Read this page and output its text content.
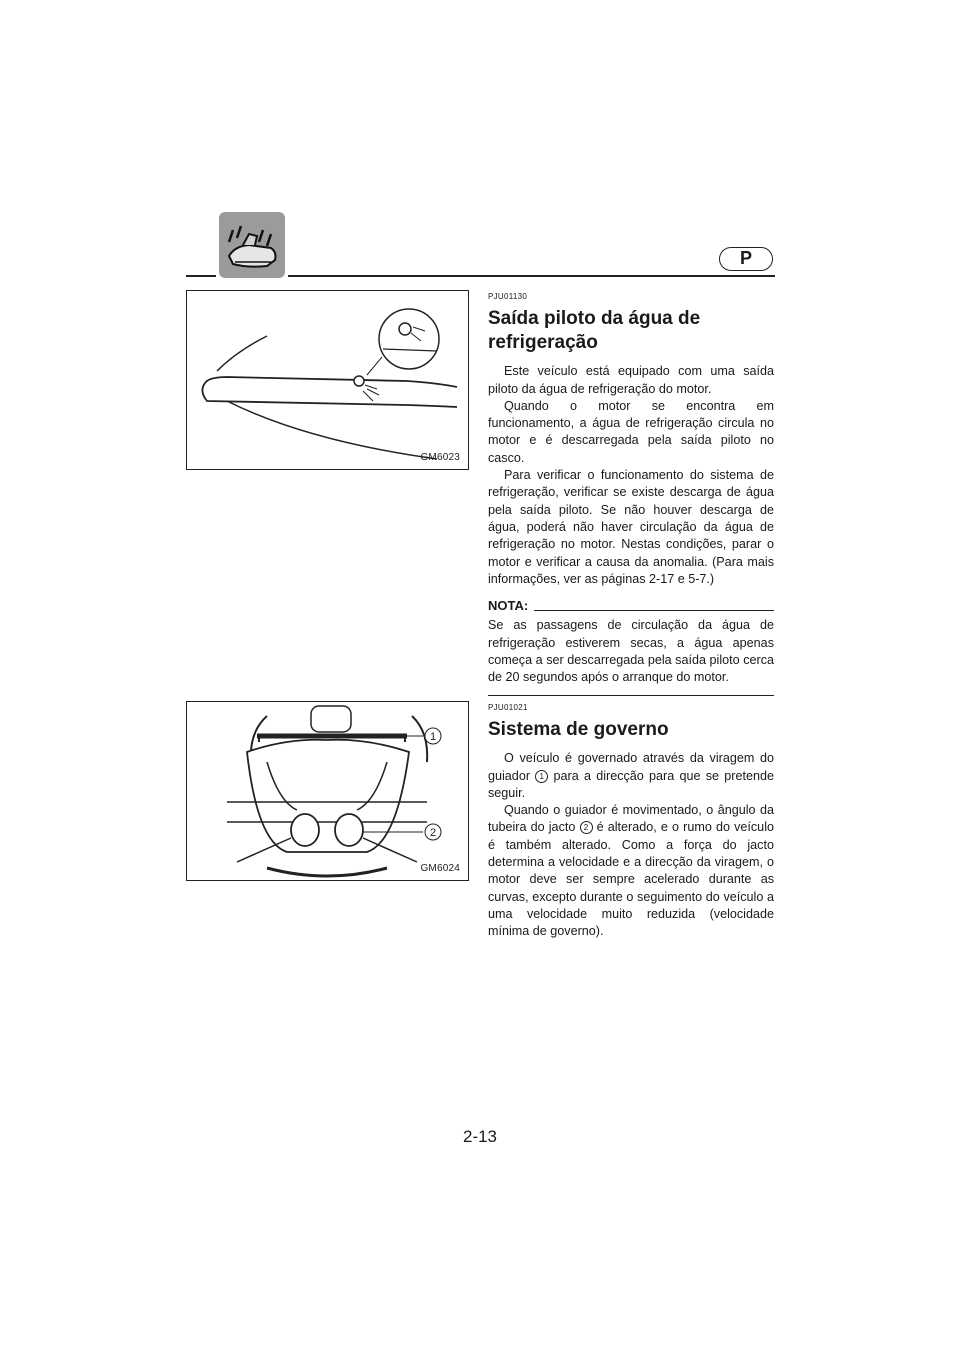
P
GM6023
1
2
GM6024
PJU01130
Saída piloto da água de refrigeração

Este veículo está equipado com uma saída piloto da água de refrigeração do motor.

Quando o motor se encontra em funcionamento, a água de refrigeração circula no motor e é descarregada pela saída piloto no casco.

Para verificar o funcionamento do sistema de refrigeração, verificar se existe descarga de água pela saída piloto. Se não houver descarga de água, poderá não haver circulação da água de refrigeração no motor. Nestas condições, parar o motor e verificar a causa da anomalia. (Para mais informações, ver as páginas 2-17 e 5-7.)

NOTA:

Se as passagens de circulação da água de refrigeração estiverem secas, a água apenas começa a ser descarregada pela saída piloto cerca de 20 segundos após o arranque do motor.

PJU01021
Sistema de governo

O veículo é governado através da viragem do guiador 1 para a direcção para que se pretende seguir.

Quando o guiador é movimentado, o ângulo da tubeira do jacto 2 é alterado, e o rumo do veículo é também alterado. Como a força do jacto determina a velocidade e a direcção da viragem, o motor deve ser sempre acelerado durante as curvas, excepto durante o seguimento do veículo a uma velocidade muito reduzida (velocidade mínima de governo).

2-13
